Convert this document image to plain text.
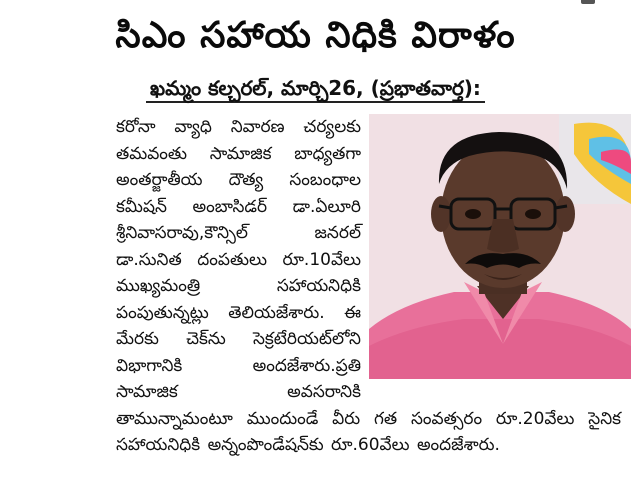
సిఎం సహాయ నిధికి విరాళం
ఖమ్మం కల్చరల్, మార్చి26, (ప్రభాతవార్త):

కరోనా వ్యాధి నివారణ చర్యలకు తమవంతు సామాజిక బాధ్యతగా అంతర్జాతీయ దౌత్య సంబంధాల కమీషన్ అంబాసిడర్ డా.ఏలూరి శ్రీనివాసరావు,కౌన్సిల్ జనరల్ డా.సునిత దంపతులు రూ.10వేలు ముఖ్యమంత్రి సహాయనిధికి పంపుతున్నట్లు తెలియజేశారు. ఈ మేరకు చెక్‌ను సెక్రటేరియట్‌లోని విభాగానికి అందజేశారు.ప్రతి సామాజిక అవసరానికి తామున్నామంటూ ముందుండే వీరు గత సంవత్సరం రూ.20వేలు సైనిక సహాయనిధికి అన్నంపొండేషన్‌కు రూ.60వేలు అందజేశారు.
